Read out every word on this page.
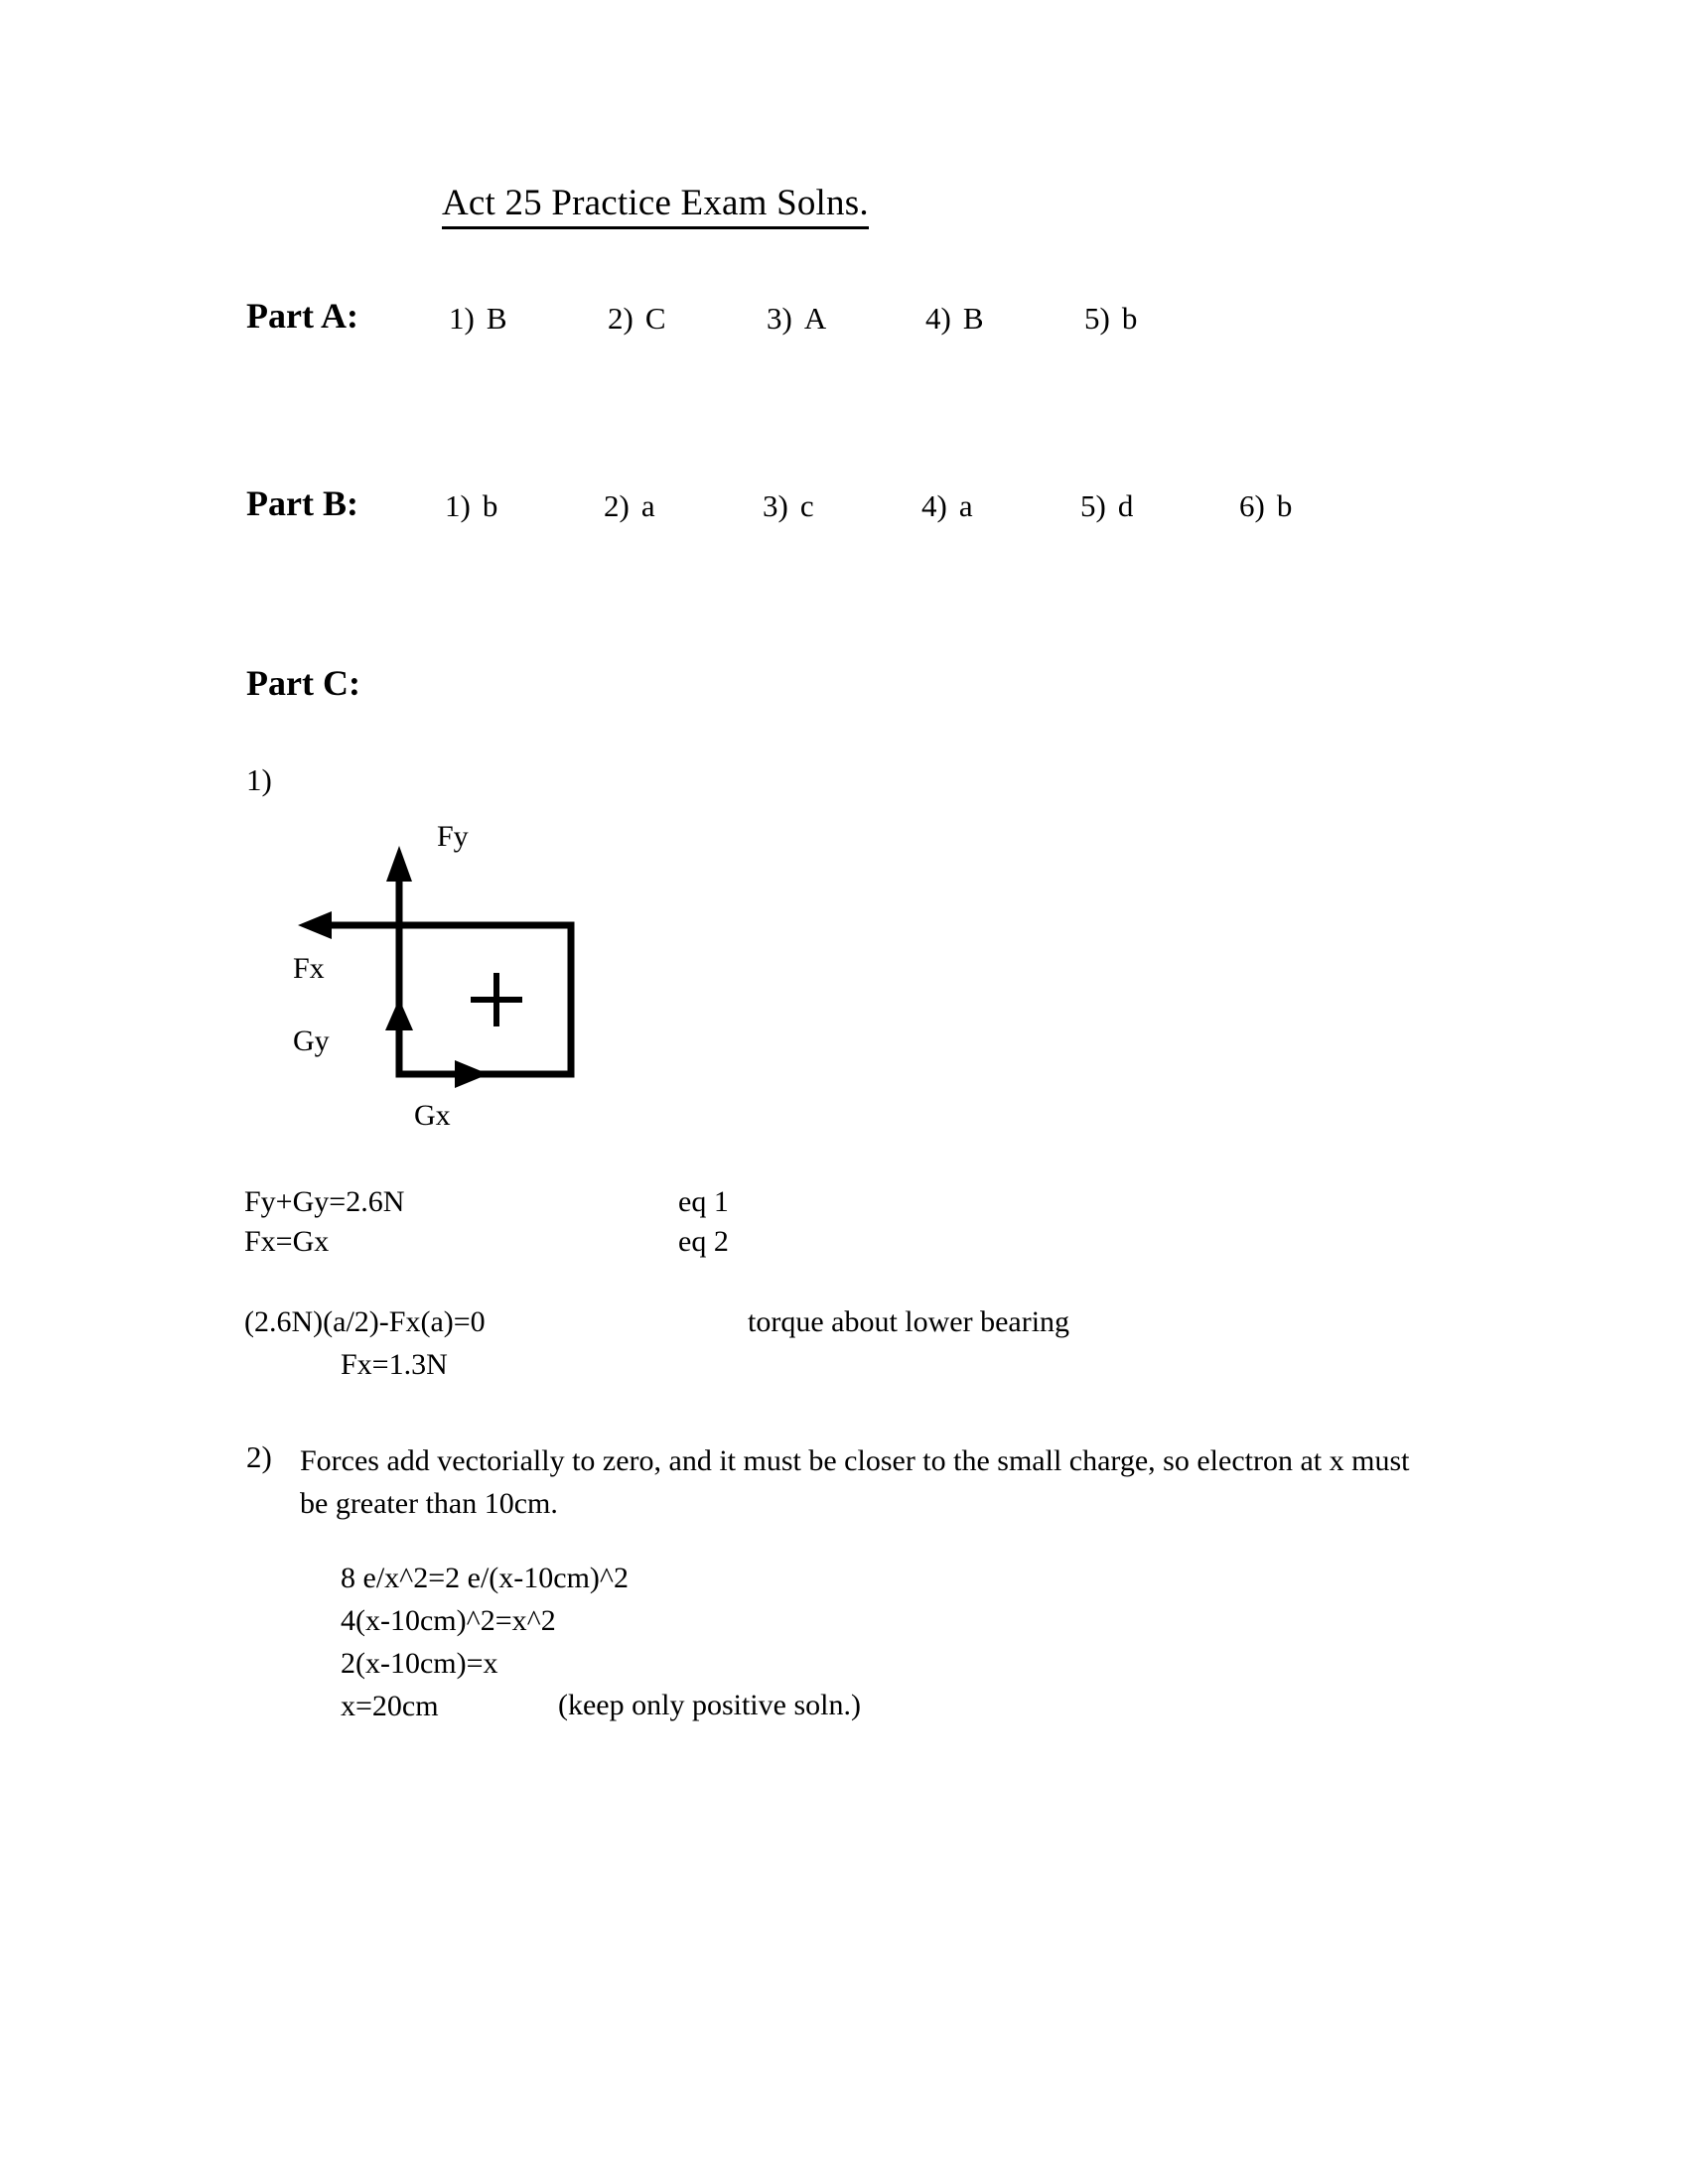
Act 25 Practice Exam Solns.
Part A:	1) B	2) C	3) A	4) B	5) b
Part B:	1) b	2) a	3) c	4) a	5) d	6) b
Part C:
1)
Fy
Fx
Gy
Gx
Fy+Gy=2.6N	eq 1
Fx=Gx	eq 2
(2.6N)(a/2)-Fx(a)=0	torque about lower bearing
Fx=1.3N
2) Forces add vectorially to zero, and it must be closer to the small charge, so electron at x must be greater than 10cm.
8 e/x^2=2 e/(x-10cm)^2
4(x-10cm)^2=x^2
2(x-10cm)=x
x=20cm	(keep only positive soln.)
